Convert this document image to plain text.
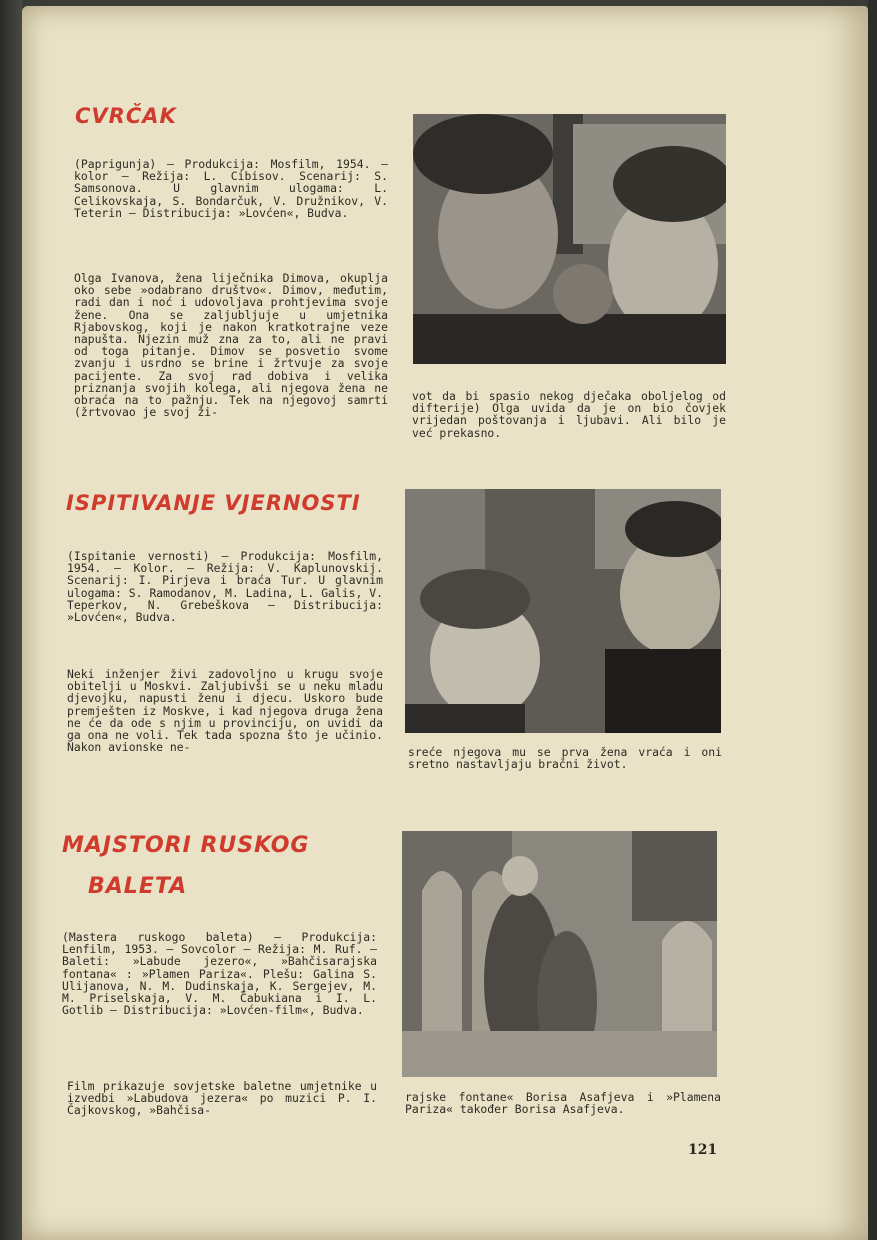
CVRČAK

(Paprigunja) — Produkcija: Mosfilm, 1954. — kolor — Režija: L. Cibisov. Scenarij: S. Samsonova. U glavnim ulogama: L. Celikovskaja, S. Bondarčuk, V. Družnikov, V. Teterin — Distribucija: »Lovćen«, Budva.

Olga Ivanova, žena liječnika Dimova, okuplja oko sebe »odabrano društvo«. Dimov, međutim, radi dan i noć i udovoljava prohtjevima svoje žene. Ona se zaljubljuje u umjetnika Rjabovskog, koji je nakon kratkotrajne veze napušta. Njezin muž zna za to, ali ne pravi od toga pitanje. Dimov se posvetio svome zvanju i usrdno se brine i žrtvuje za svoje pacijente. Za svoj rad dobiva i velika priznanja svojih kolega, ali njegova žena ne obraća na to pažnju. Tek na njegovoj samrti (žrtvovao je svoj ži-

vot da bi spasio nekog dječaka oboljelog od difterije) Olga uvida da je on bio čovjek vrijedan poštovanja i ljubavi. Ali bilo je već prekasno.

ISPITIVANJE VJERNOSTI

(Ispitanie vernosti) — Produkcija: Mosfilm, 1954. — Kolor. — Režija: V. Kaplunovskij. Scenarij: I. Pirjeva i braća Tur. U glavnim ulogama: S. Ramodanov, M. Ladina, L. Galis, V. Teperkov, N. Grebeškova — Distribucija: »Lovćen«, Budva.

Neki inženjer živi zadovoljno u krugu svoje obitelji u Moskvi. Zaljubivši se u neku mladu djevojku, napusti ženu i djecu. Uskoro bude premješten iz Moskve, i kad njegova druga žena ne će da ode s njim u provinciju, on uvidi da ga ona ne voli. Tek tada spozna što je učinio. Nakon avionske ne-	sreće njegova mu se prva žena vraća i oni sretno nastavljaju bračni život.

MAJSTORI RUSKOG
BALETA

(Mastera ruskogo baleta) — Produkcija: Lenfilm, 1953. — Sovcolor — Režija: M. Ruf. — Baleti: »Labude jezero«, »Bahčisarajska fontana« : »Plamen Pariza«. Plešu: Galina S. Ulijanova, N. M. Dudinskaja, K. Sergejev, M. M. Priselskaja, V. M. Čabukiana i I. L. Gotlib — Distribucija: »Lovćen-film«, Budva.

Film prikazuje sovjetske baletne umjetnike u izvedbi »Labudova jezera« po muzici P. I. Čajkovskog, »Bahčisa-

rajske fontane« Borisa Asafjeva i »Plamena Pariza« također Borisa Asafjeva.

121
